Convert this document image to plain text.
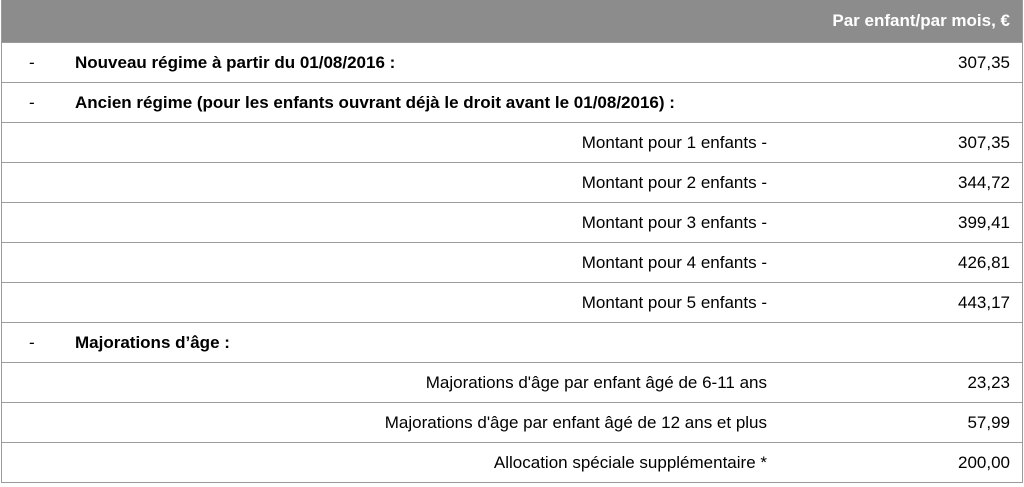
Par enfant/par mois, €
- Nouveau régime à partir du 01/08/2016 :	307,35
- Ancien régime (pour les enfants ouvrant déjà le droit avant le 01/08/2016) :
Montant pour 1 enfants -	307,35
Montant pour 2 enfants -	344,72
Montant pour 3 enfants -	399,41
Montant pour 4 enfants -	426,81
Montant pour 5 enfants -	443,17
- Majorations d’âge :
Majorations d'âge par enfant âgé de 6-11 ans	23,23
Majorations d'âge par enfant âgé de 12 ans et plus	57,99
Allocation spéciale supplémentaire *	200,00
